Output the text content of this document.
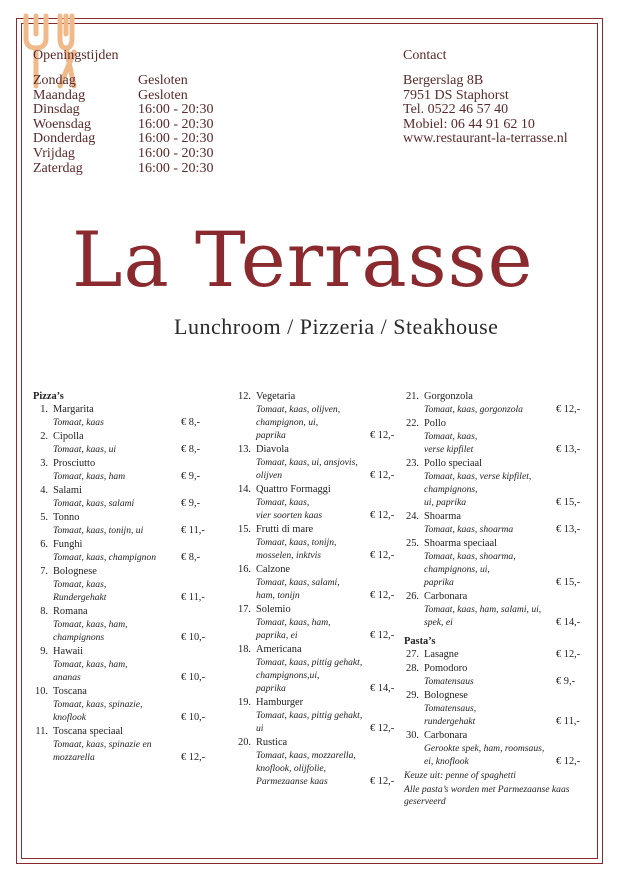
Openingstijden
Zondag	Gesloten
Maandag	Gesloten
Dinsdag	16:00 - 20:30
Woensdag	16:00 - 20:30
Donderdag	16:00 - 20:30
Vrijdag	16:00 - 20:30
Zaterdag	16:00 - 20:30
Contact
Bergerslag 8B
7951 DS Staphorst
Tel. 0522 46 57 40
Mobiel: 06 44 91 62 10
www.restaurant-la-terrasse.nl
La Terrasse
Lunchroom / Pizzeria / Steakhouse
Pizza’s
1. Margarita
Tomaat, kaas	€ 8,-
2. Cipolla
Tomaat, kaas, ui	€ 8,-
3. Prosciutto
Tomaat, kaas, ham	€ 9,-
4. Salami
Tomaat, kaas, salami	€ 9,-
5. Tonno
Tomaat, kaas, tonijn, ui	€ 11,-
6. Funghi
Tomaat, kaas, champignon € 8,-
7. Bolognese
Tomaat, kaas,
Rundergehakt	€ 11,-
8. Romana
Tomaat, kaas, ham,
champignons	€ 10,-
9. Hawaii
Tomaat, kaas, ham,
ananas	€ 10,-
10. Toscana
Tomaat, kaas, spinazie,
knoflook	€ 10,-
11. Toscana speciaal
Tomaat, kaas, spinazie en
mozzarella	€ 12,-
12. Vegetaria
Tomaat, kaas, olijven,
champignon, ui,
paprika	€ 12,-
13. Diavola
Tomaat, kaas, ui, ansjovis,
olijven	€ 12,-
14. Quattro Formaggi
Tomaat, kaas,
vier soorten kaas	€ 12,-
15. Frutti di mare
Tomaat, kaas, tonijn,
mosselen, inktvis	€ 12,-
16. Calzone
Tomaat, kaas, salami,
ham, tonijn	€ 12,-
17. Solemio
Tomaat, kaas, ham,
paprika, ei	€ 12,-
18. Americana
Tomaat, kaas, pittig gehakt,
champignons,ui,
paprika	€ 14,-
19. Hamburger
Tomaat, kaas, pittig gehakt,
ui	€ 12,-
20. Rustica
Tomaat, kaas, mozzarella,
knoflook, olijfolie,
Parmezaanse kaas	€ 12,-
21. Gorgonzola
Tomaat, kaas, gorgonzola	€ 12,-
22. Pollo
Tomaat, kaas,
verse kipfilet	€ 13,-
23. Pollo speciaal
Tomaat, kaas, verse kipfilet,
champignons,
ui, paprika	€ 15,-
24. Shoarma
Tomaat, kaas, shoarma	€ 13,-
25. Shoarma speciaal
Tomaat, kaas, shoarma,
champignons, ui,
paprika	€ 15,-
26. Carbonara
Tomaat, kaas, ham, salami, ui,
spek, ei	€ 14,-
Pasta’s
27. Lasagne	€ 12,-
28. Pomodoro
Tomatensaus	€ 9,-
29. Bolognese
Tomatensaus,
rundergehakt	€ 11,-
30. Carbonara
Gerookte spek, ham, roomsaus,
ei, knoflook	€ 12,-
Keuze uit: penne of spaghetti
Alle pasta’s worden met Parmezaanse kaas geserveerd
